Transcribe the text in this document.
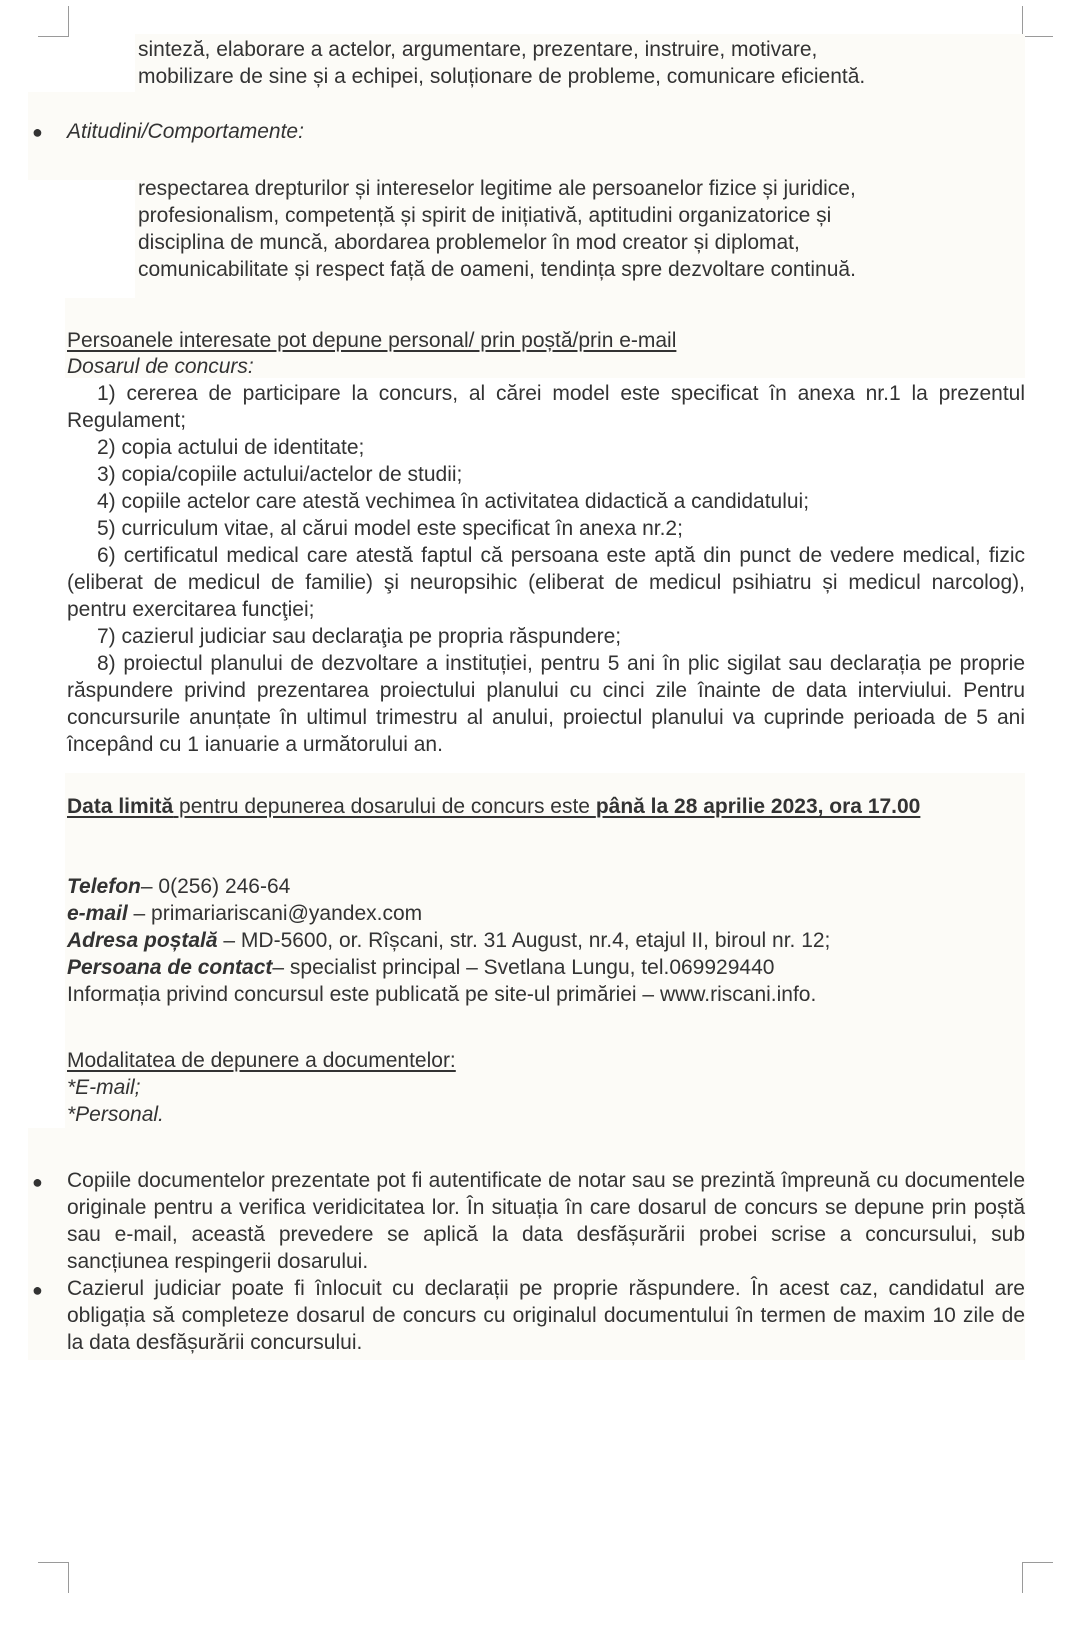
sinteză, elaborare a actelor, argumentare, prezentare, instruire, motivare,
mobilizare de sine și a echipei, soluționare de probleme, comunicare eficientă.
● Atitudini/Comportamente:
respectarea drepturilor și intereselor legitime ale persoanelor fizice și juridice,
profesionalism, competență și spirit de inițiativă, aptitudini organizatorice și
disciplina de muncă, abordarea problemelor în mod creator și diplomat,
comunicabilitate și respect față de oameni, tendința spre dezvoltare continuă.
Persoanele interesate pot depune personal/ prin poștă/prin e-mail
Dosarul de concurs:
1) cererea de participare la concurs, al cărei model este specificat în anexa nr.1 la prezentul Regulament;
2) copia actului de identitate;
3) copia/copiile actului/actelor de studii;
4) copiile actelor care atestă vechimea în activitatea didactică a candidatului;
5) curriculum vitae, al cărui model este specificat în anexa nr.2;
6) certificatul medical care atestă faptul că persoana este aptă din punct de vedere medical, fizic (eliberat de medicul de familie) şi neuropsihic (eliberat de medicul psihiatru și medicul narcolog), pentru exercitarea funcţiei;
7) cazierul judiciar sau declaraţia pe propria răspundere;
8) proiectul planului de dezvoltare a instituției, pentru 5 ani în plic sigilat sau declarația pe proprie răspundere privind prezentarea proiectului planului cu cinci zile înainte de data interviului. Pentru concursurile anunțate în ultimul trimestru al anului, proiectul planului va cuprinde perioada de 5 ani începând cu 1 ianuarie a următorului an.
Data limită pentru depunerea dosarului de concurs este până la 28 aprilie 2023, ora 17.00
Telefon– 0(256) 246-64
e-mail – primariariscani@yandex.com
Adresa poștală – MD-5600, or. Rîșcani, str. 31 August, nr.4, etajul II, biroul nr. 12;
Persoana de contact– specialist principal – Svetlana Lungu, tel.069929440
Informația privind concursul este publicată pe site-ul primăriei – www.riscani.info.
Modalitatea de depunere a documentelor:
*E-mail;
*Personal.
● Copiile documentelor prezentate pot fi autentificate de notar sau se prezintă împreună cu documentele originale pentru a verifica veridicitatea lor. În situația în care dosarul de concurs se depune prin poștă sau e-mail, această prevedere se aplică la data desfășurării probei scrise a concursului, sub sancțiunea respingerii dosarului.
● Cazierul judiciar poate fi înlocuit cu declarații pe proprie răspundere. În acest caz, candidatul are obligația să completeze dosarul de concurs cu originalul documentului în termen de maxim 10 zile de la data desfășurării concursului.
